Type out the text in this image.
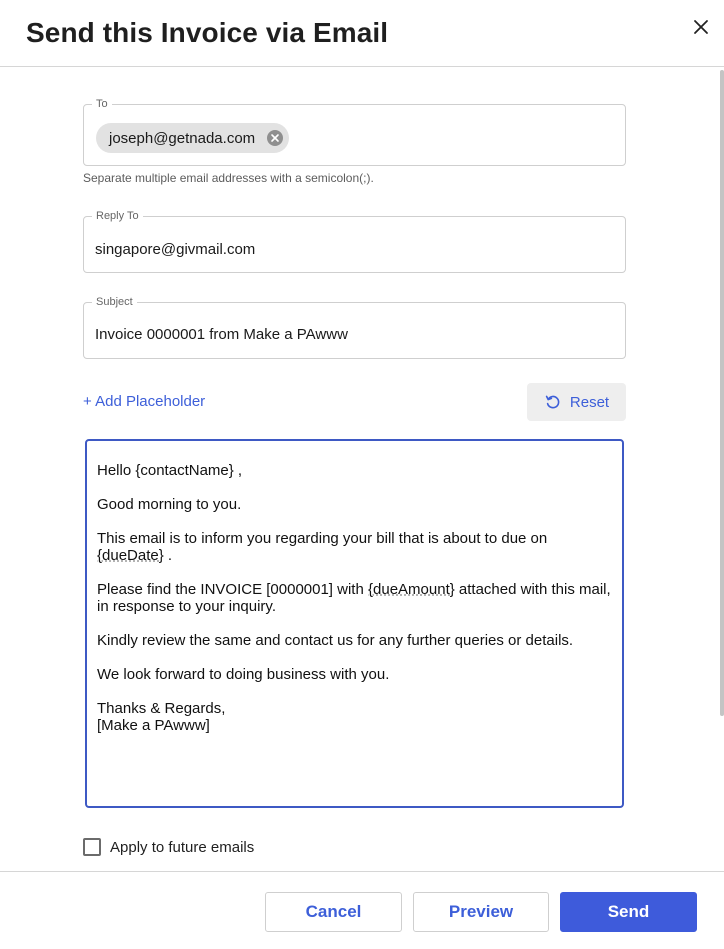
Send this Invoice via Email
To
joseph@getnada.com
Separate multiple email addresses with a semicolon(;).
Reply To
singapore@givmail.com
Subject
Invoice 0000001 from Make a PAwww
+ Add Placeholder	Reset

Hello {contactName} ,

Good morning to you.

This email is to inform you regarding your bill that is about to due on {dueDate} .

Please find the INVOICE [0000001] with {dueAmount} attached with this mail, in response to your inquiry.

Kindly review the same and contact us for any further queries or details.

We look forward to doing business with you.

Thanks & Regards,
[Make a PAwww]
Apply to future emails
Cancel	Preview	Send
